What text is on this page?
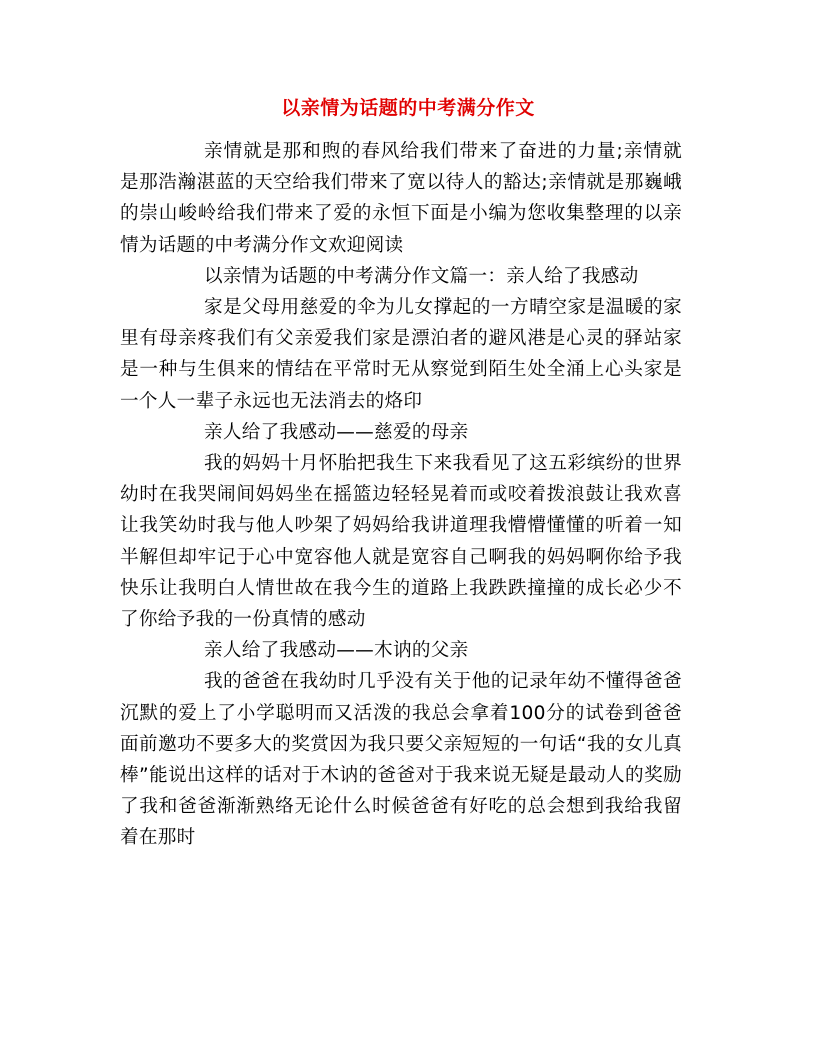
以亲情为话题的中考满分作文

亲情就是那和煦的春风给我们带来了奋进的力量;亲情就是那浩瀚湛蓝的天空给我们带来了宽以待人的豁达;亲情就是那巍峨的崇山峻岭给我们带来了爱的永恒下面是小编为您收集整理的以亲情为话题的中考满分作文欢迎阅读

以亲情为话题的中考满分作文篇一：亲人给了我感动

家是父母用慈爱的伞为儿女撑起的一方晴空家是温暖的家里有母亲疼我们有父亲爱我们家是漂泊者的避风港是心灵的驿站家是一种与生俱来的情结在平常时无从察觉到陌生处全涌上心头家是一个人一辈子永远也无法消去的烙印

亲人给了我感动——慈爱的母亲

我的妈妈十月怀胎把我生下来我看见了这五彩缤纷的世界幼时在我哭闹间妈妈坐在摇篮边轻轻晃着而或咬着拨浪鼓让我欢喜让我笑幼时我与他人吵架了妈妈给我讲道理我懵懵懂懂的听着一知半解但却牢记于心中宽容他人就是宽容自己啊我的妈妈啊你给予我快乐让我明白人情世故在我今生的道路上我跌跌撞撞的成长必少不了你给予我的一份真情的感动

亲人给了我感动——木讷的父亲

我的爸爸在我幼时几乎没有关于他的记录年幼不懂得爸爸沉默的爱上了小学聪明而又活泼的我总会拿着100分的试卷到爸爸面前邀功不要多大的奖赏因为我只要父亲短短的一句话“我的女儿真棒”能说出这样的话对于木讷的爸爸对于我来说无疑是最动人的奖励了我和爸爸渐渐熟络无论什么时候爸爸有好吃的总会想到我给我留着在那时
